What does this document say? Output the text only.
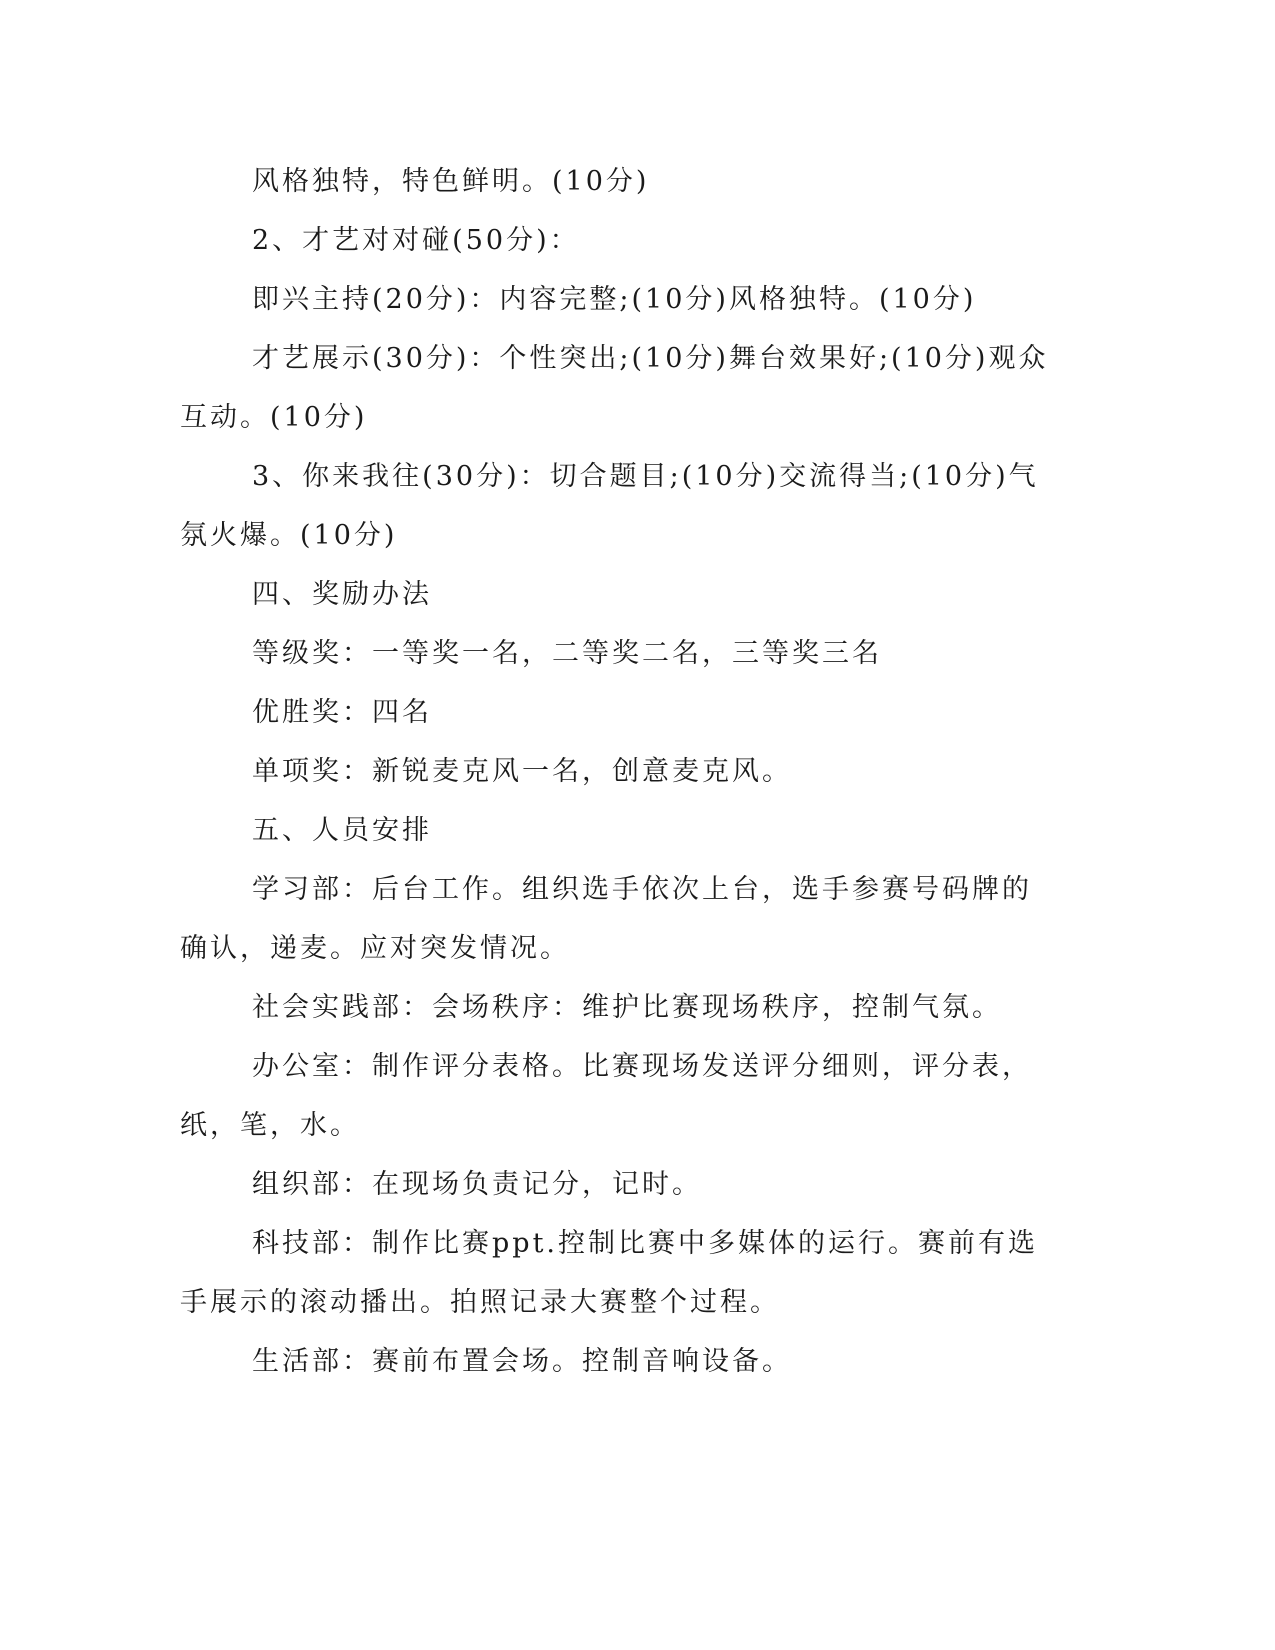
风格独特，特色鲜明。(10分)

2、才艺对对碰(50分)：

即兴主持(20分)：内容完整;(10分)风格独特。(10分)

才艺展示(30分)：个性突出;(10分)舞台效果好;(10分)观众互动。(10分)

3、你来我往(30分)：切合题目;(10分)交流得当;(10分)气氛火爆。(10分)

四、奖励办法

等级奖：一等奖一名，二等奖二名，三等奖三名

优胜奖：四名

单项奖：新锐麦克风一名，创意麦克风。

五、人员安排

学习部：后台工作。组织选手依次上台，选手参赛号码牌的确认，递麦。应对突发情况。

社会实践部：会场秩序：维护比赛现场秩序，控制气氛。

办公室：制作评分表格。比赛现场发送评分细则，评分表，纸，笔，水。

组织部：在现场负责记分，记时。

科技部：制作比赛ppt.控制比赛中多媒体的运行。赛前有选手展示的滚动播出。拍照记录大赛整个过程。

生活部：赛前布置会场。控制音响设备。
